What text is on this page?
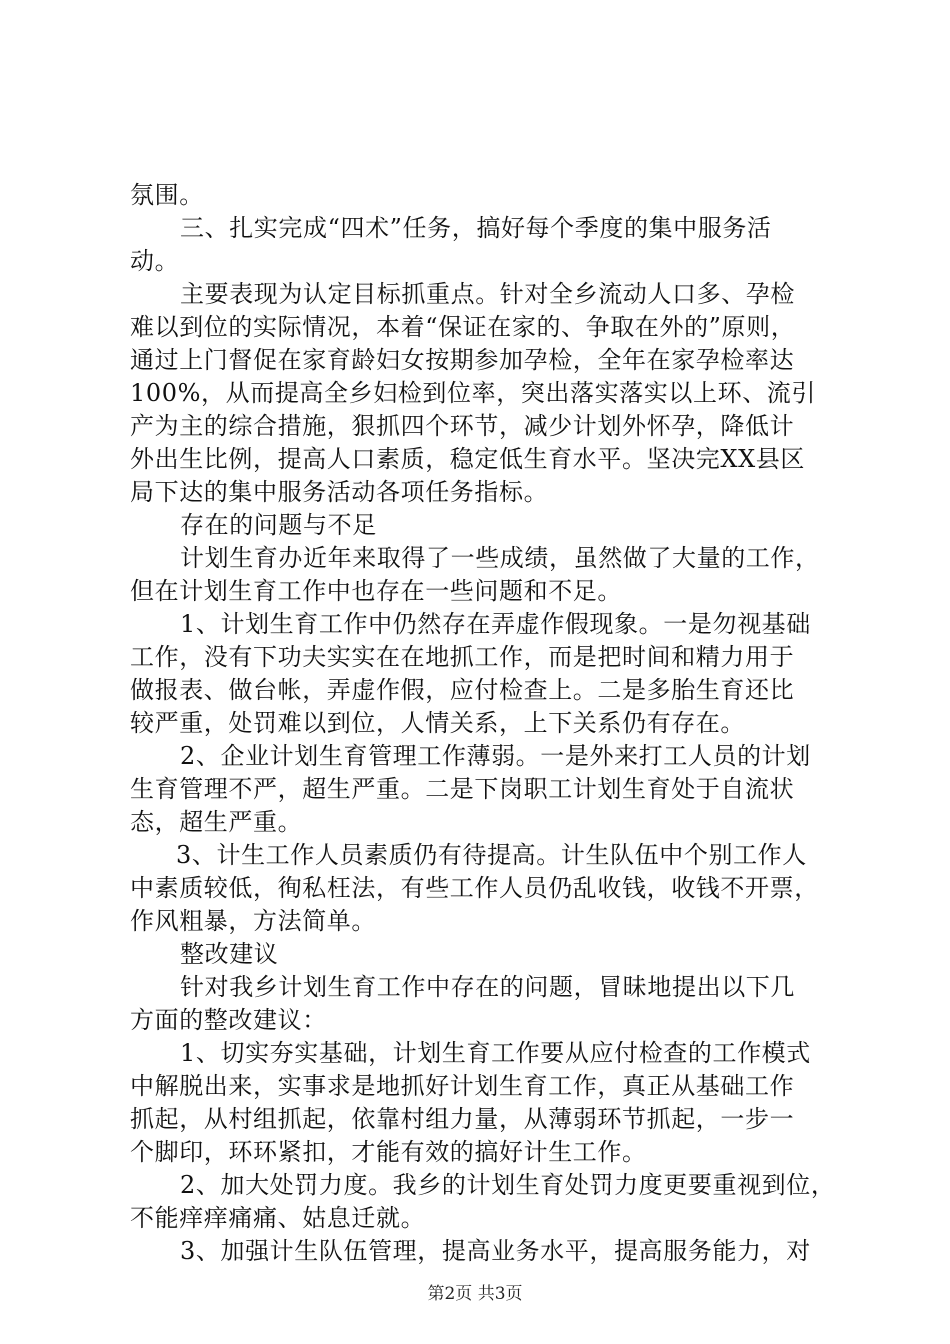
氛围。
三、扎实完成“四术”任务，搞好每个季度的集中服务活
动。
主要表现为认定目标抓重点。针对全乡流动人口多、孕检
难以到位的实际情况，本着“保证在家的、争取在外的”原则，
通过上门督促在家育龄妇女按期参加孕检，全年在家孕检率达
100%，从而提高全乡妇检到位率，突出落实落实以上环、流引
产为主的综合措施，狠抓四个环节，减少计划外怀孕，降低计
外出生比例，提高人口素质，稳定低生育水平。坚决完XX县区
局下达的集中服务活动各项任务指标。
存在的问题与不足
计划生育办近年来取得了一些成绩，虽然做了大量的工作，
但在计划生育工作中也存在一些问题和不足。
1、计划生育工作中仍然存在弄虚作假现象。一是勿视基础
工作，没有下功夫实实在在地抓工作，而是把时间和精力用于
做报表、做台帐，弄虚作假，应付检查上。二是多胎生育还比
较严重，处罚难以到位，人情关系，上下关系仍有存在。
2、企业计划生育管理工作薄弱。一是外来打工人员的计划
生育管理不严，超生严重。二是下岗职工计划生育处于自流状
态，超生严重。
3、计生工作人员素质仍有待提高。计生队伍中个别工作人
中素质较低，徇私枉法，有些工作人员仍乱收钱，收钱不开票，
作风粗暴，方法简单。
整改建议
针对我乡计划生育工作中存在的问题，冒昧地提出以下几
方面的整改建议：
1、切实夯实基础，计划生育工作要从应付检查的工作模式
中解脱出来，实事求是地抓好计划生育工作，真正从基础工作
抓起，从村组抓起，依靠村组力量，从薄弱环节抓起，一步一
个脚印，环环紧扣，才能有效的搞好计生工作。
2、加大处罚力度。我乡的计划生育处罚力度更要重视到位，
不能痒痒痛痛、姑息迁就。
3、加强计生队伍管理，提高业务水平，提高服务能力，对
第2页 共3页
